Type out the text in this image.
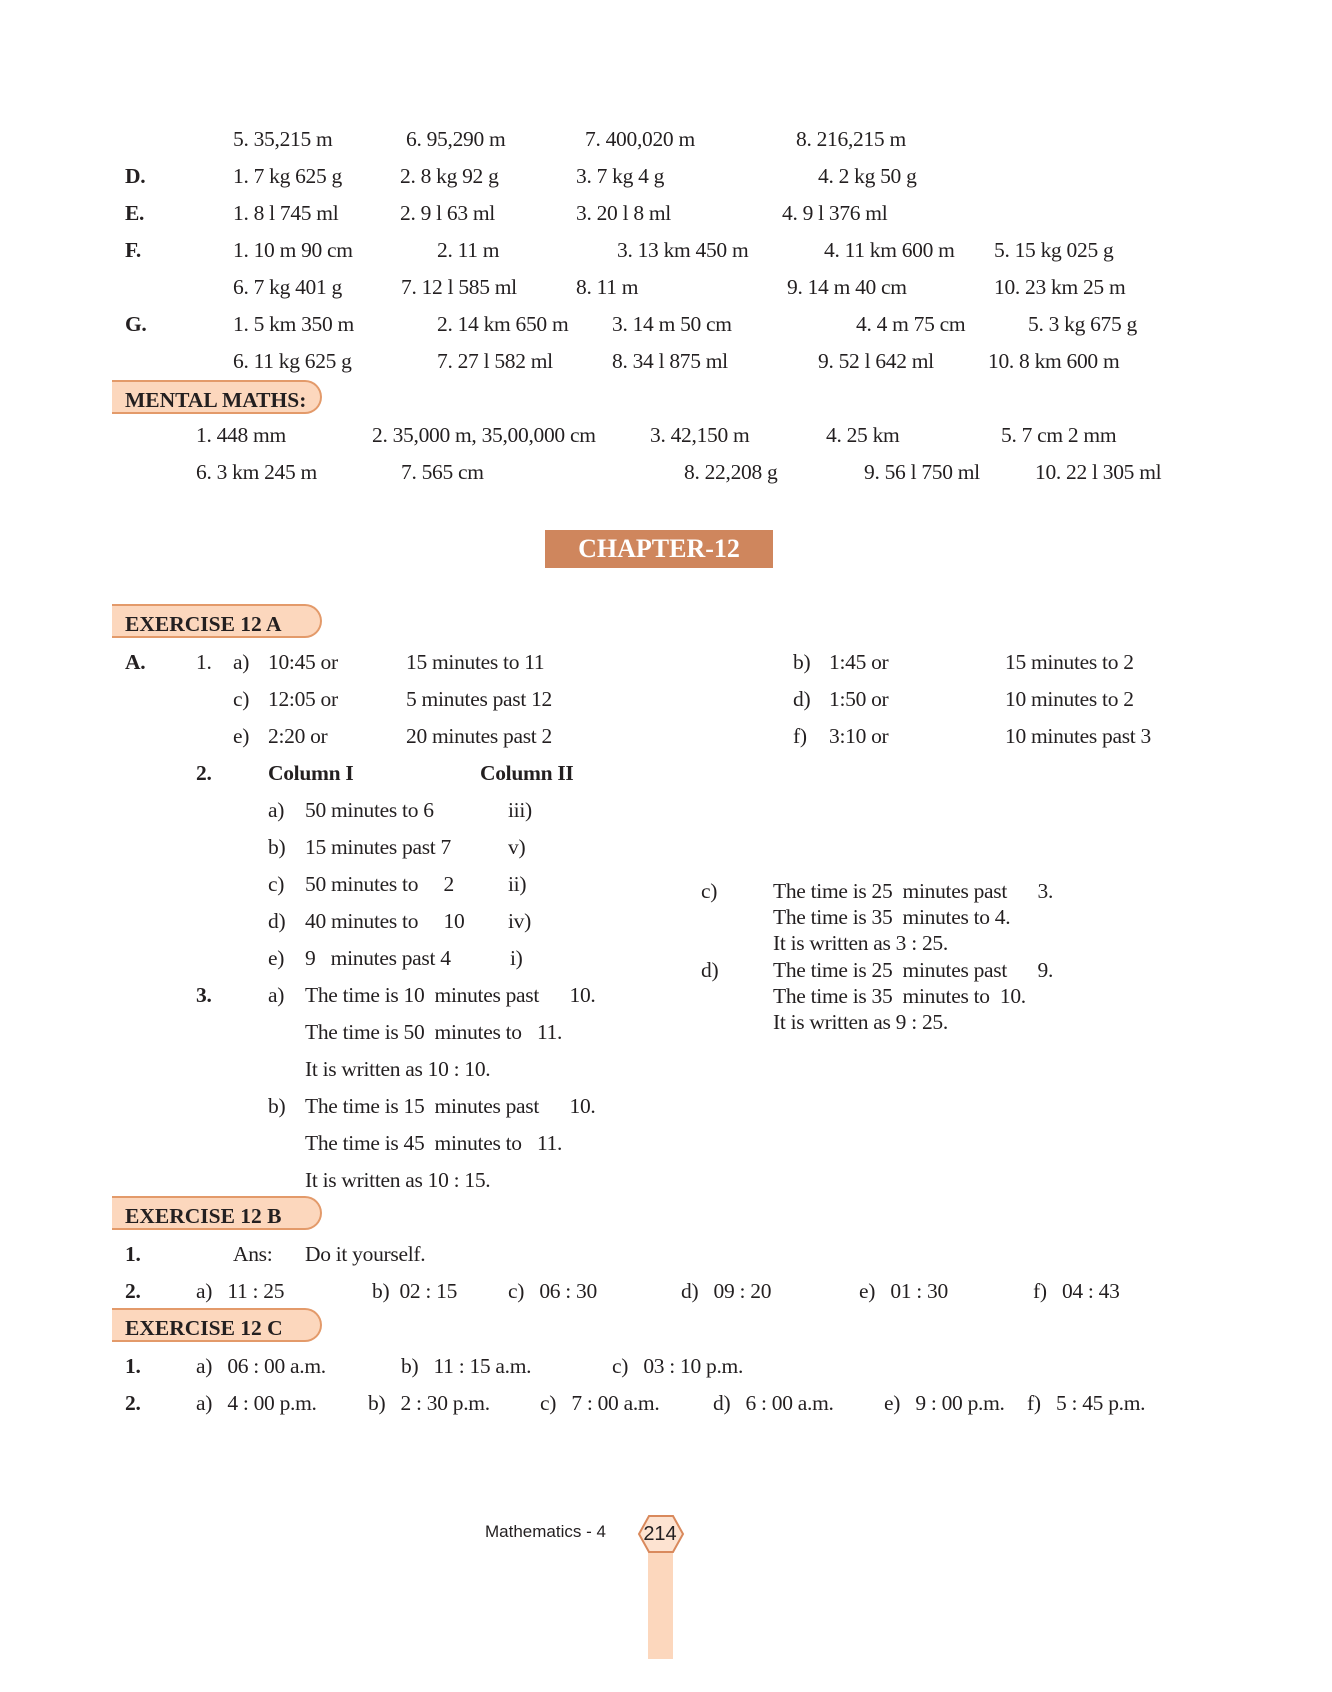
5. 35,215 m	6. 95,290 m	7. 400,020 m	8. 216,215 m
D.	1. 7 kg 625 g	2. 8 kg 92 g	3. 7 kg 4 g	4. 2 kg 50 g
E.	1. 8 l 745 ml	2. 9 l 63 ml	3. 20 l 8 ml	4. 9 l 376 ml
F.	1. 10 m 90 cm	2. 11 m	3. 13 km 450 m	4. 11 km 600 m 5. 15 kg 025 g
6. 7 kg 401 g	7. 12 l 585 ml	8. 11 m	9. 14 m 40 cm	10. 23 km 25 m
G.	1. 5 km 350 m	2. 14 km 650 m 3. 14 m 50 cm	4. 4 m 75 cm	5. 3 kg 675 g
6. 11 kg 625 g	7. 27 l 582 ml	8. 34 l 875 ml	9. 52 l 642 ml	10. 8 km 600 m
MENTAL MATHS:
1. 448 mm	2. 35,000 m, 35,00,000 cm	3. 42,150 m	4. 25 km	5. 7 cm 2 mm
6. 3 km 245 m	7. 565 cm	8. 22,208 g	9. 56 l 750 ml	10. 22 l 305 ml
CHAPTER-12
EXERCISE 12 A
A. 1. a) 10:45 or	15 minutes to 11	b) 1:45 or	15 minutes to 2
c) 12:05 or	5 minutes past 12	d) 1:50 or	10 minutes to 2
e) 2:20 or	20 minutes past 2	f) 3:10 or	10 minutes past 3
2.	Column I	Column II
a) 50 minutes to 6	iii)
b) 15 minutes past 7	v)
c) 50 minutes to     2	ii)
d) 40 minutes to     10 iv)
e) 9   minutes past 4	i)
3.	a) The time is 10  minutes past      10.
The time is 50  minutes to   11.
It is written as 10 : 10.
b) The time is 15  minutes past      10.
The time is 45  minutes to   11.
It is written as 10 : 15.
c)	The time is 25  minutes past      3.
The time is 35  minutes to 4.
It is written as 3 : 25.
d)	The time is 25  minutes past      9.
The time is 35  minutes to  10.
It is written as 9 : 25.
EXERCISE 12 B
1.	Ans: Do it yourself.
2.	a)   11 : 25	b)  02 : 15 c)   06 : 30	d)   09 : 20	e)   01 : 30	f)   04 : 43
EXERCISE 12 C
1.	a)   06 : 00 a.m.	b)   11 : 15 a.m.	c)   03 : 10 p.m.
2.	a)   4 : 00 p.m. b)   2 : 30 p.m. c)   7 : 00 a.m. d)   6 : 00 a.m. e)   9 : 00 p.m. f)   5 : 45 p.m.
Mathematics - 4 214
